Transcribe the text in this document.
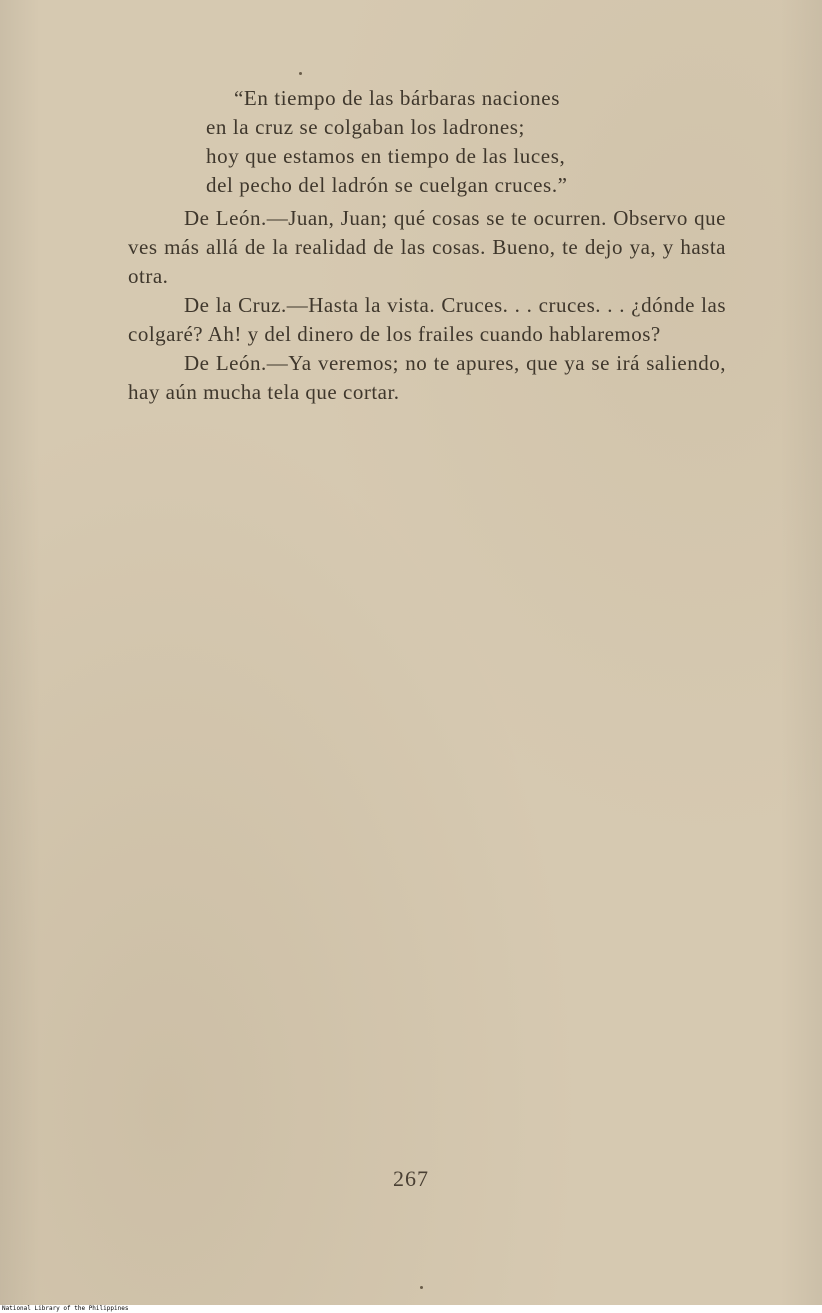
“En tiempo de las bárbaras naciones
en la cruz se colgaban los ladrones;
hoy que estamos en tiempo de las luces,
del pecho del ladrón se cuelgan cruces.”

De León.—Juan, Juan; qué cosas se te ocurren. Observo que ves más allá de la realidad de las cosas. Bueno, te dejo ya, y hasta otra.

De la Cruz.—Hasta la vista. Cruces. . . cruces. . . ¿dónde las colgaré? Ah! y del dinero de los frailes cuando hablaremos?

De León.—Ya veremos; no te apures, que ya se irá saliendo, hay aún mucha tela que cortar.

267
National Library of the Philippines
